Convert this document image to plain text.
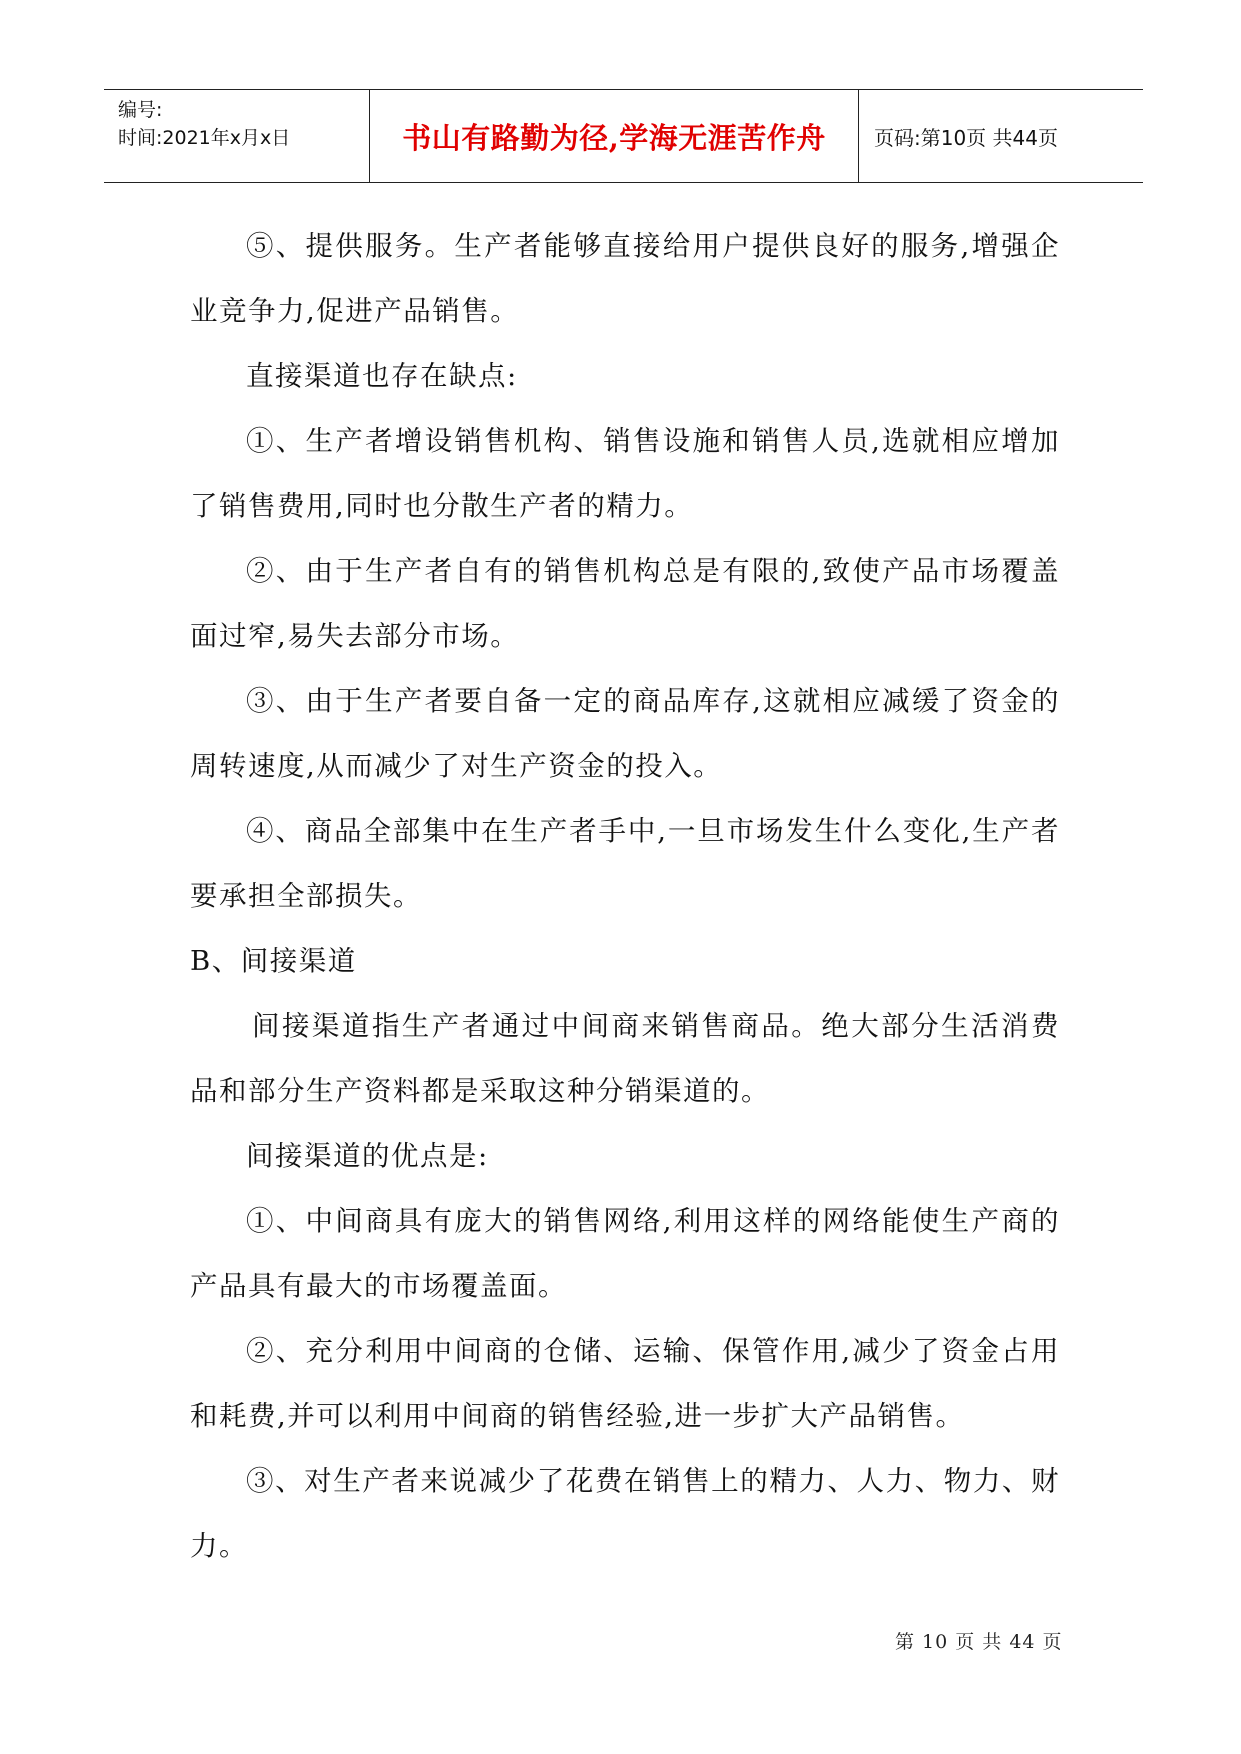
编号:
时间:2021年x月x日	书山有路勤为径,学海无涯苦作舟	页码:第10页 共44页

⑤、提供服务。生产者能够直接给用户提供良好的服务,增强企业竞争力,促进产品销售。

直接渠道也存在缺点:

①、生产者增设销售机构、销售设施和销售人员,选就相应增加了销售费用,同时也分散生产者的精力。

②、由于生产者自有的销售机构总是有限的,致使产品市场覆盖面过窄,易失去部分市场。

③、由于生产者要自备一定的商品库存,这就相应减缓了资金的周转速度,从而减少了对生产资金的投入。

④、商品全部集中在生产者手中,一旦市场发生什么变化,生产者要承担全部损失。

B、间接渠道

间接渠道指生产者通过中间商来销售商品。绝大部分生活消费品和部分生产资料都是采取这种分销渠道的。

间接渠道的优点是:

①、中间商具有庞大的销售网络,利用这样的网络能使生产商的产品具有最大的市场覆盖面。

②、充分利用中间商的仓储、运输、保管作用,减少了资金占用和耗费,并可以利用中间商的销售经验,进一步扩大产品销售。

③、对生产者来说减少了花费在销售上的精力、人力、物力、财力。

第 10 页 共 44 页
